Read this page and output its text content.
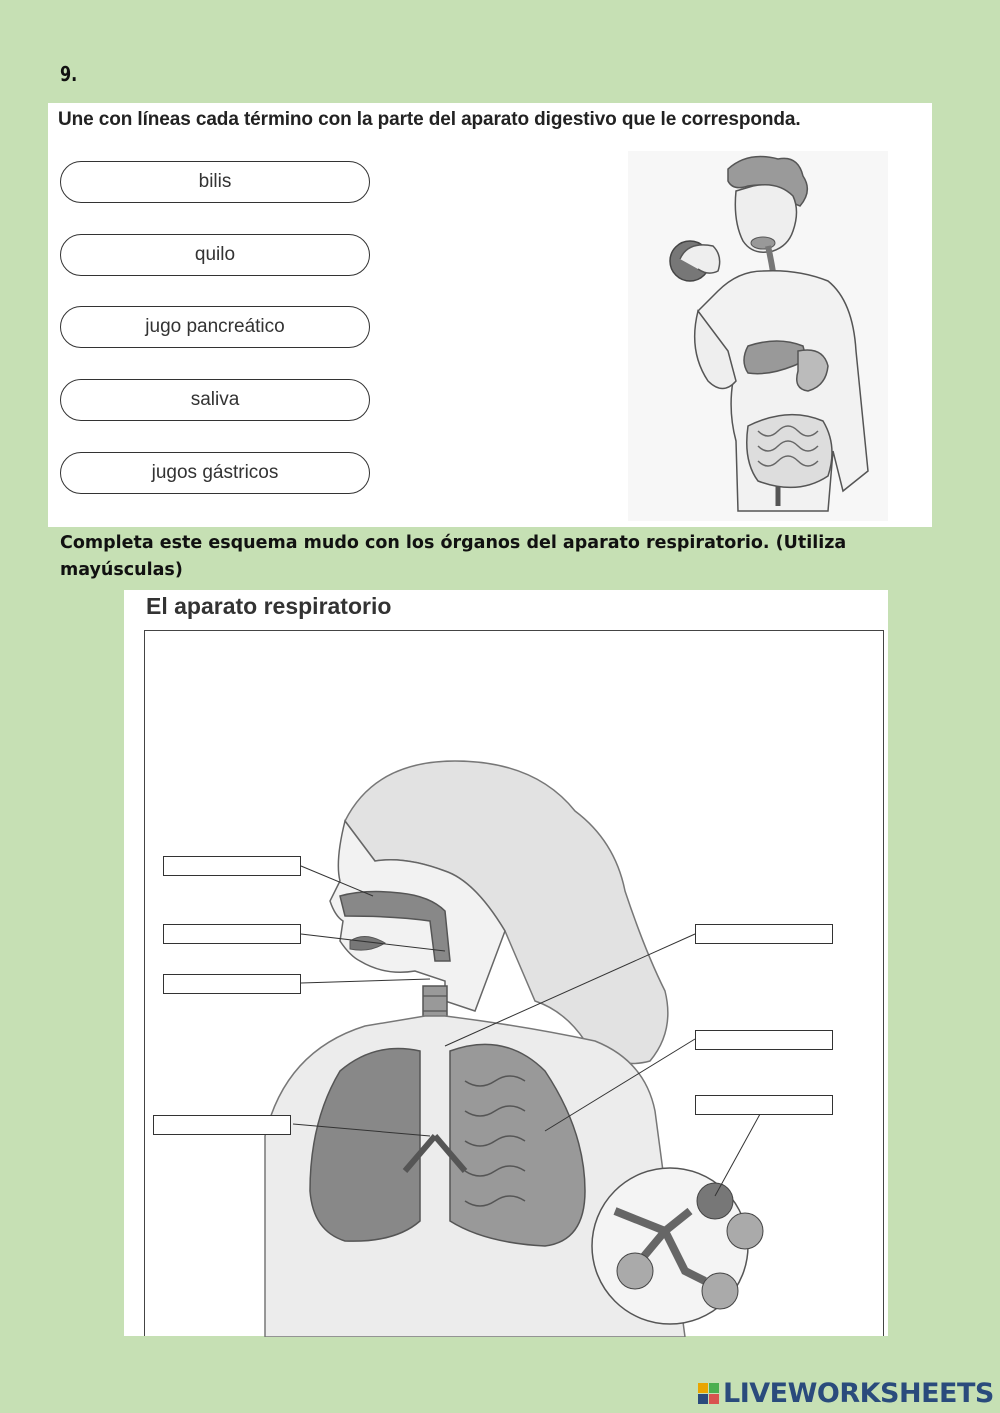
9.
Une con líneas cada término con la parte del aparato digestivo que le corresponda.
bilis
quilo
jugo pancreático
saliva
jugos gástricos
Completa este esquema mudo con los órganos del aparato respiratorio. (Utiliza mayúsculas)
El aparato respiratorio
LIVEWORKSHEETS
